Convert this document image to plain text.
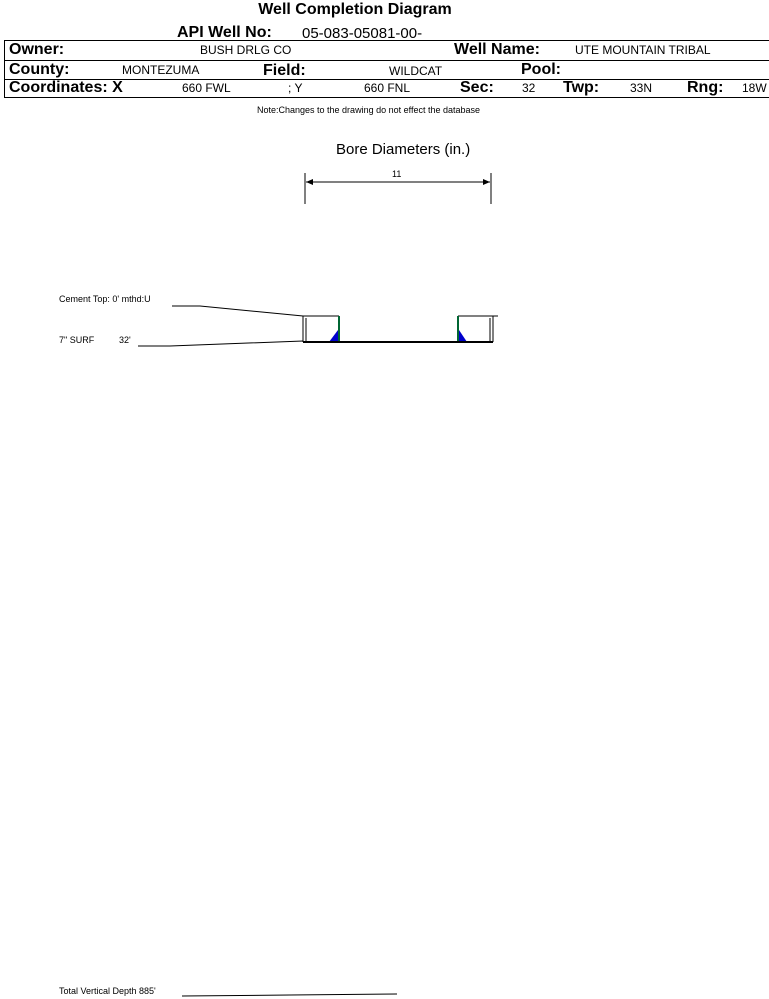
Well Completion Diagram
API Well No: 05-083-05081-00-
Owner:	BUSH DRLG CO	Well Name:	UTE MOUNTAIN TRIBAL
County:	MONTEZUMA	Field:	WILDCAT	Pool:
Coordinates: X	660 FWL	; Y	660 FNL	Sec: 32 Twp:	33N Rng: 18W
Note:Changes to the drawing do not effect the database
Bore Diameters (in.)
11
Cement Top: 0' mthd:U
7" SURF	32'
Total Vertical Depth 885'
